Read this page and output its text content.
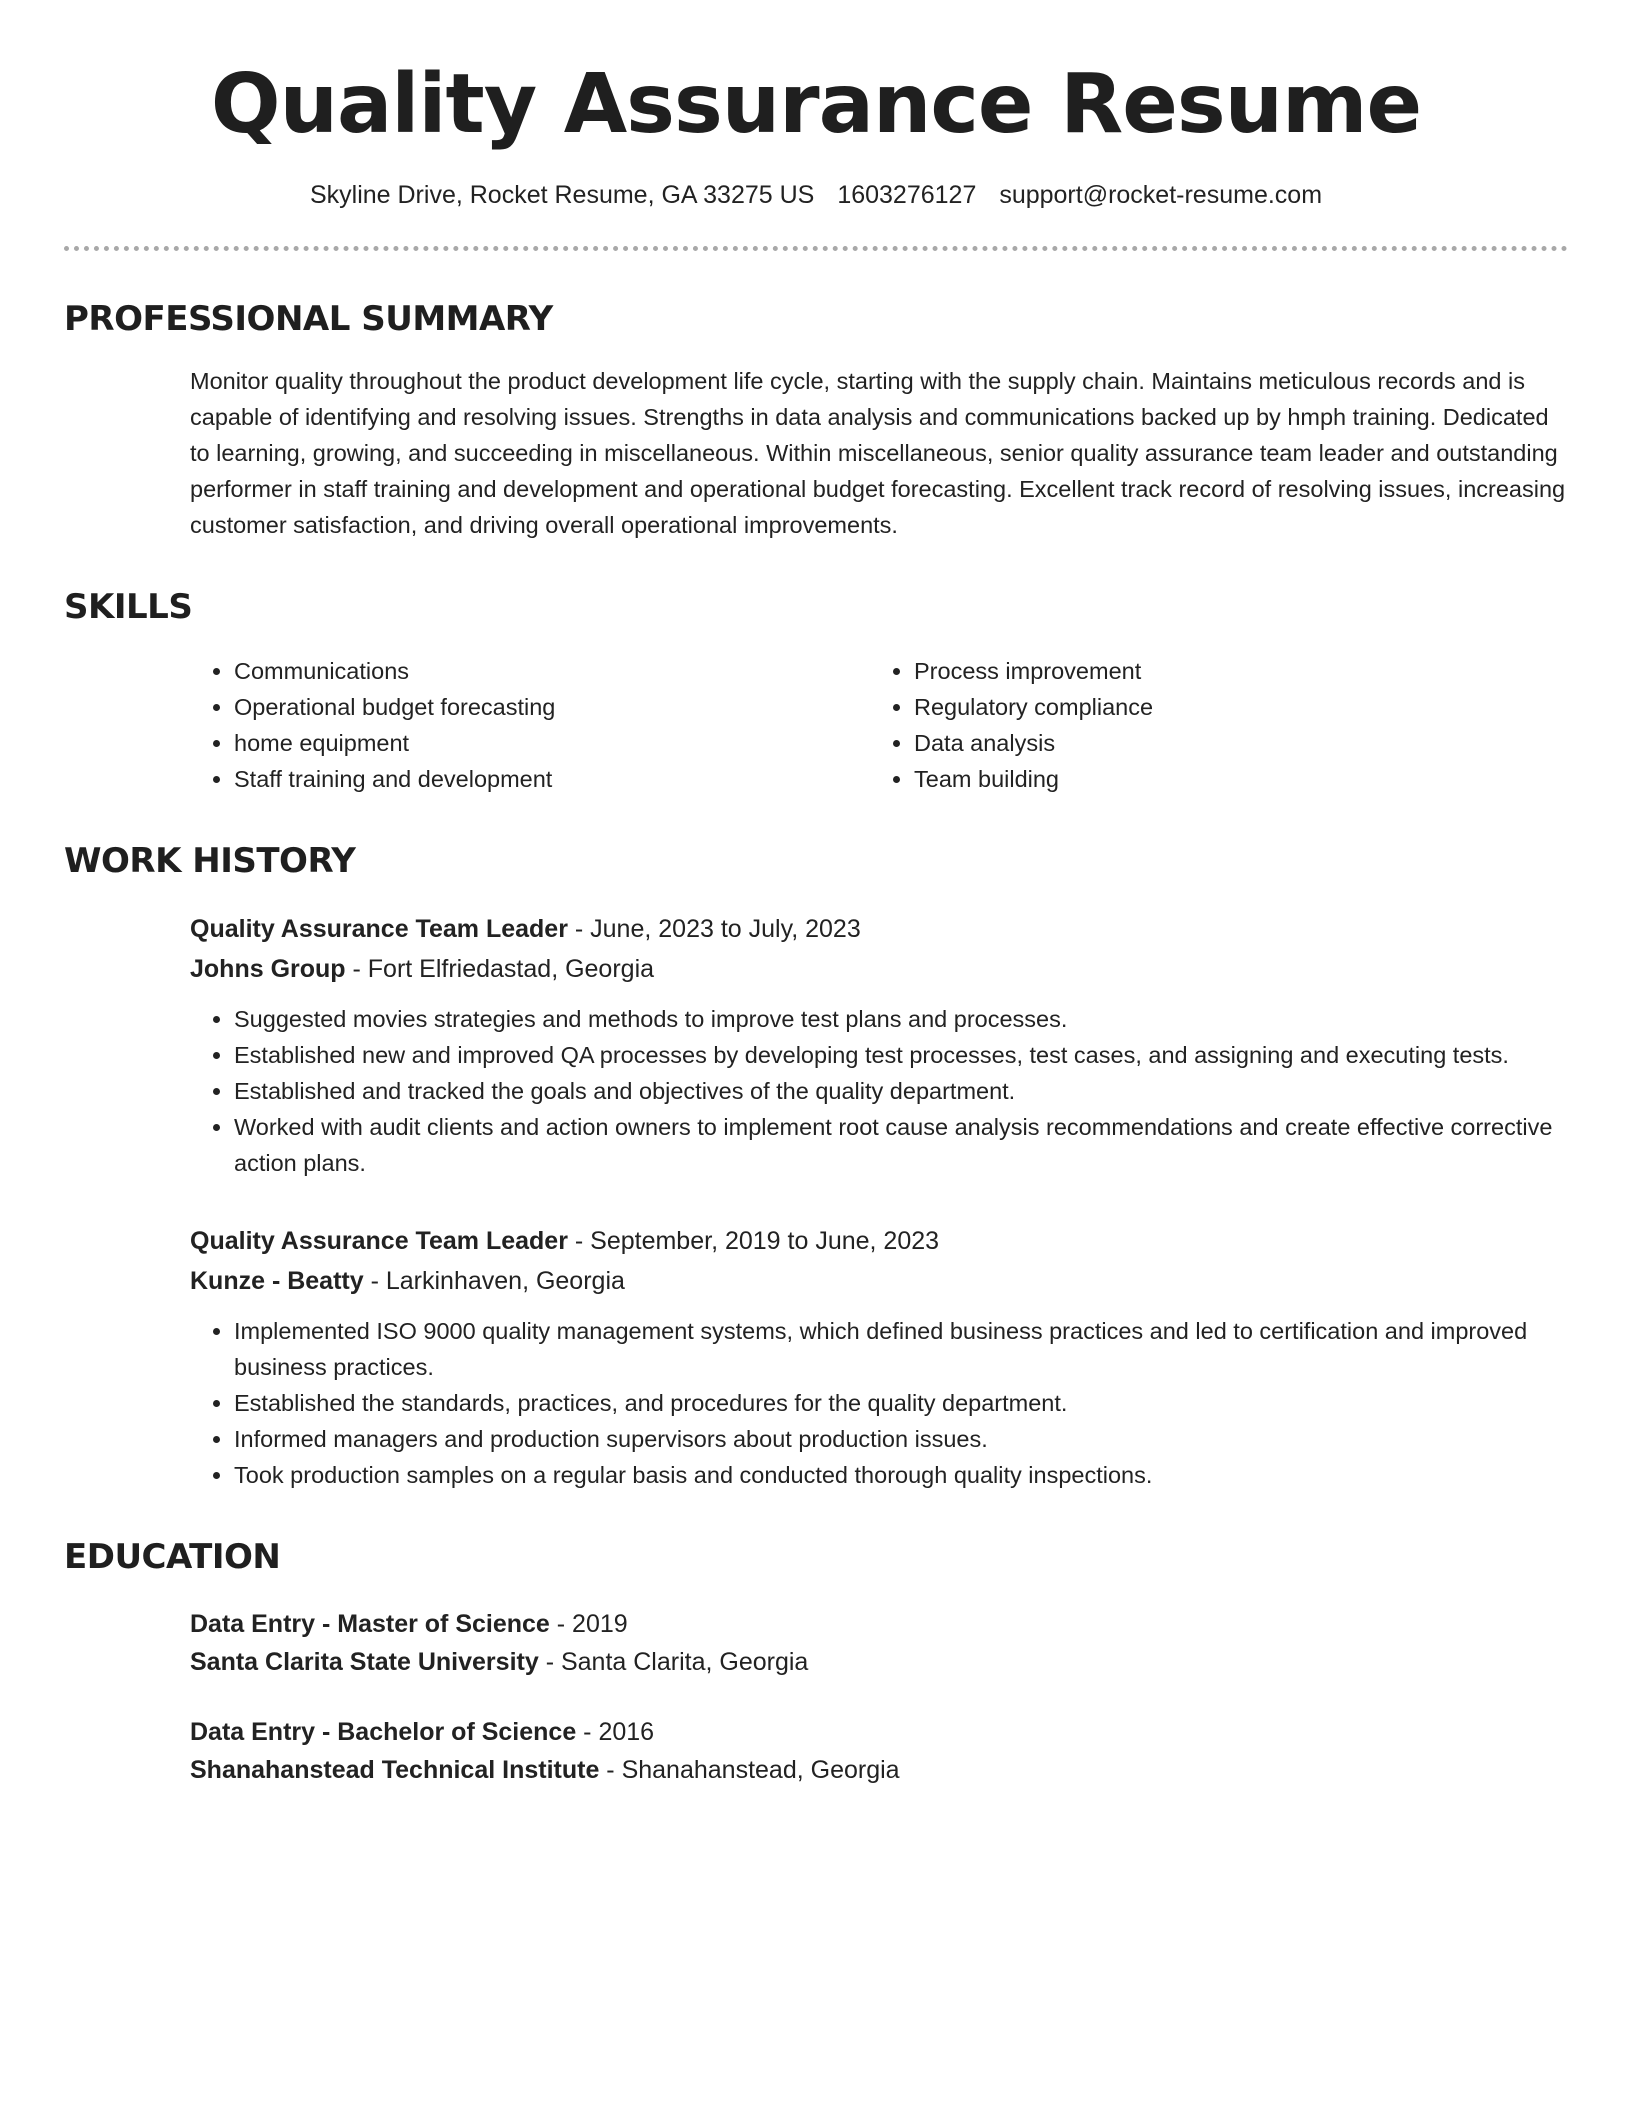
Quality Assurance Resume
Skyline Drive, Rocket Resume, GA 33275 US 1603276127 support@rocket-resume.com
PROFESSIONAL SUMMARY
Monitor quality throughout the product development life cycle, starting with the supply chain. Maintains meticulous records and is capable of identifying and resolving issues. Strengths in data analysis and communications backed up by hmph training. Dedicated to learning, growing, and succeeding in miscellaneous. Within miscellaneous, senior quality assurance team leader and outstanding performer in staff training and development and operational budget forecasting. Excellent track record of resolving issues, increasing customer satisfaction, and driving overall operational improvements.
SKILLS
• Communications
• Operational budget forecasting
• home equipment
• Staff training and development
• Process improvement
• Regulatory compliance
• Data analysis
• Team building
WORK HISTORY
Quality Assurance Team Leader - June, 2023 to July, 2023
Johns Group - Fort Elfriedastad, Georgia
• Suggested movies strategies and methods to improve test plans and processes.
• Established new and improved QA processes by developing test processes, test cases, and assigning and executing tests.
• Established and tracked the goals and objectives of the quality department.
• Worked with audit clients and action owners to implement root cause analysis recommendations and create effective corrective action plans.
Quality Assurance Team Leader - September, 2019 to June, 2023
Kunze - Beatty - Larkinhaven, Georgia
• Implemented ISO 9000 quality management systems, which defined business practices and led to certification and improved business practices.
• Established the standards, practices, and procedures for the quality department.
• Informed managers and production supervisors about production issues.
• Took production samples on a regular basis and conducted thorough quality inspections.
EDUCATION
Data Entry - Master of Science - 2019
Santa Clarita State University - Santa Clarita, Georgia
Data Entry - Bachelor of Science - 2016
Shanahanstead Technical Institute - Shanahanstead, Georgia
